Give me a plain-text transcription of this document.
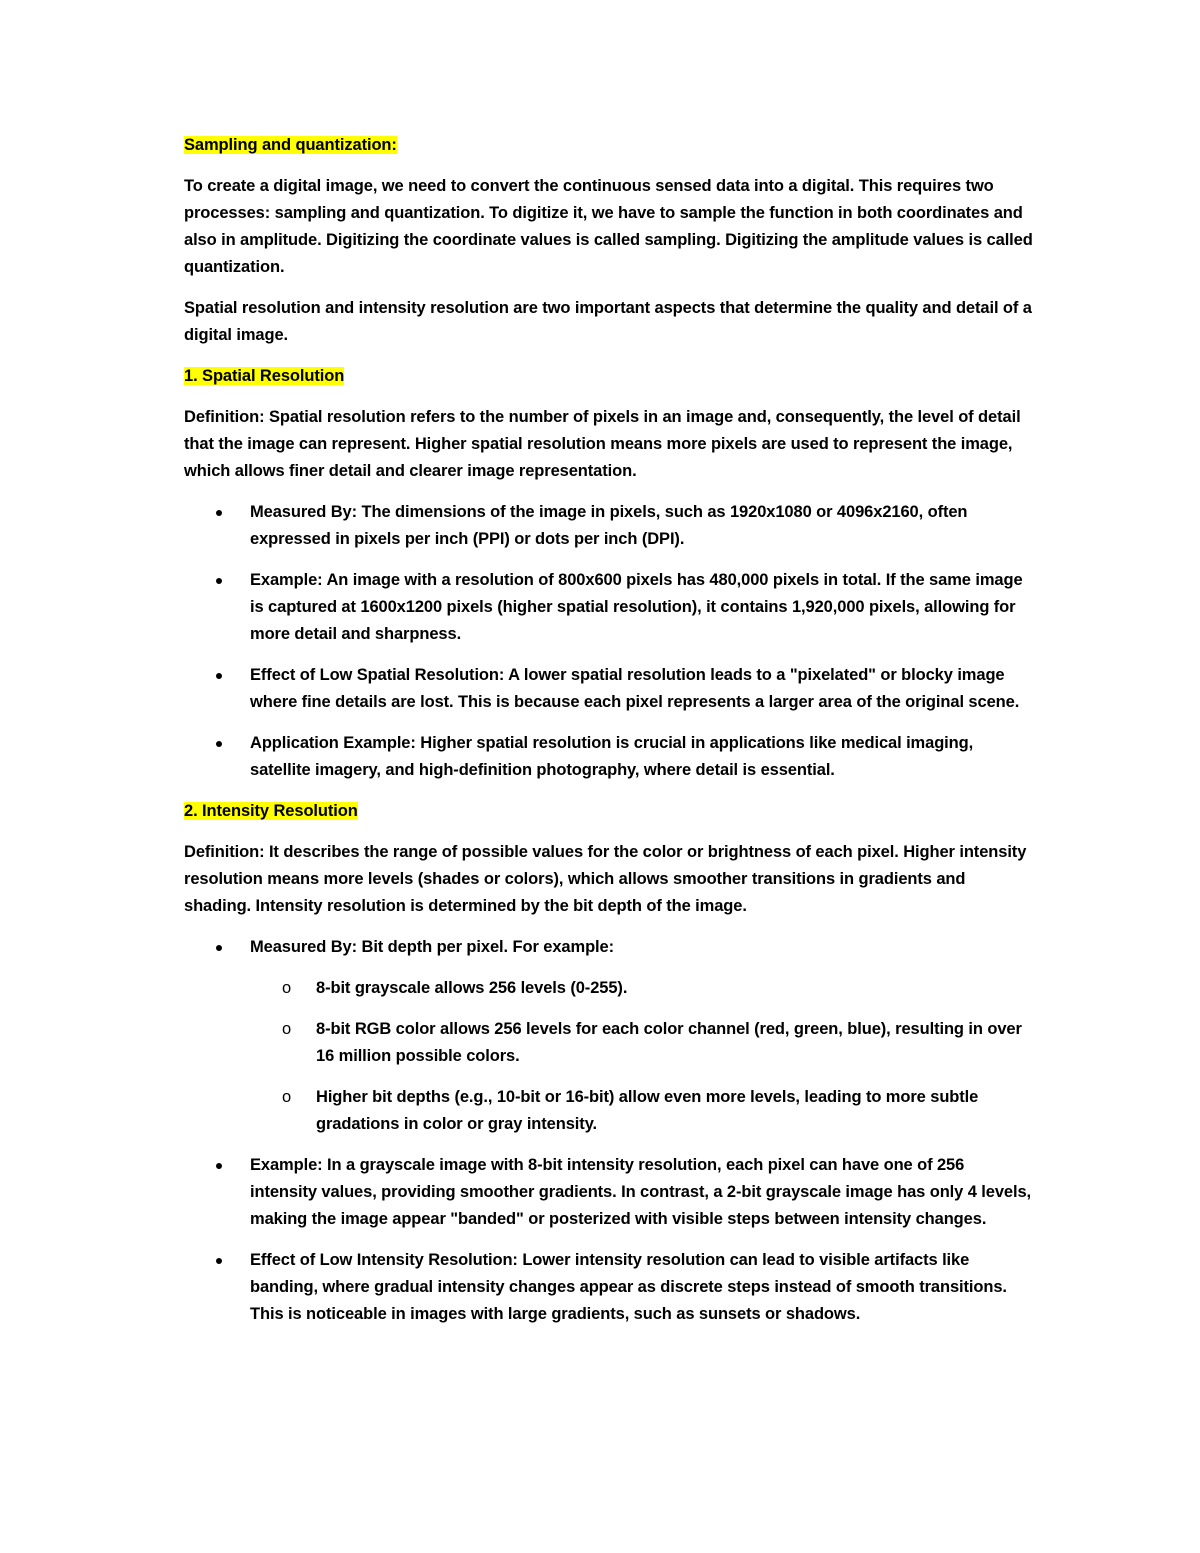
Sampling and quantization:

To create a digital image, we need to convert the continuous sensed data into a digital. This requires two processes: sampling and quantization. To digitize it, we have to sample the function in both coordinates and also in amplitude. Digitizing the coordinate values is called sampling. Digitizing the amplitude values is called quantization.

Spatial resolution and intensity resolution are two important aspects that determine the quality and detail of a digital image.

1. Spatial Resolution

Definition: Spatial resolution refers to the number of pixels in an image and, consequently, the level of detail that the image can represent. Higher spatial resolution means more pixels are used to represent the image, which allows finer detail and clearer image representation.

Measured By: The dimensions of the image in pixels, such as 1920x1080 or 4096x2160, often expressed in pixels per inch (PPI) or dots per inch (DPI).
Example: An image with a resolution of 800x600 pixels has 480,000 pixels in total. If the same image is captured at 1600x1200 pixels (higher spatial resolution), it contains 1,920,000 pixels, allowing for more detail and sharpness.
Effect of Low Spatial Resolution: A lower spatial resolution leads to a "pixelated" or blocky image where fine details are lost. This is because each pixel represents a larger area of the original scene.
Application Example: Higher spatial resolution is crucial in applications like medical imaging, satellite imagery, and high-definition photography, where detail is essential.

2. Intensity Resolution

Definition: It describes the range of possible values for the color or brightness of each pixel. Higher intensity resolution means more levels (shades or colors), which allows smoother transitions in gradients and shading. Intensity resolution is determined by the bit depth of the image.

Measured By: Bit depth per pixel. For example:
o 8-bit grayscale allows 256 levels (0-255).
o 8-bit RGB color allows 256 levels for each color channel (red, green, blue), resulting in over 16 million possible colors.
o Higher bit depths (e.g., 10-bit or 16-bit) allow even more levels, leading to more subtle gradations in color or gray intensity.
Example: In a grayscale image with 8-bit intensity resolution, each pixel can have one of 256 intensity values, providing smoother gradients. In contrast, a 2-bit grayscale image has only 4 levels, making the image appear "banded" or posterized with visible steps between intensity changes.
Effect of Low Intensity Resolution: Lower intensity resolution can lead to visible artifacts like banding, where gradual intensity changes appear as discrete steps instead of smooth transitions. This is noticeable in images with large gradients, such as sunsets or shadows.
